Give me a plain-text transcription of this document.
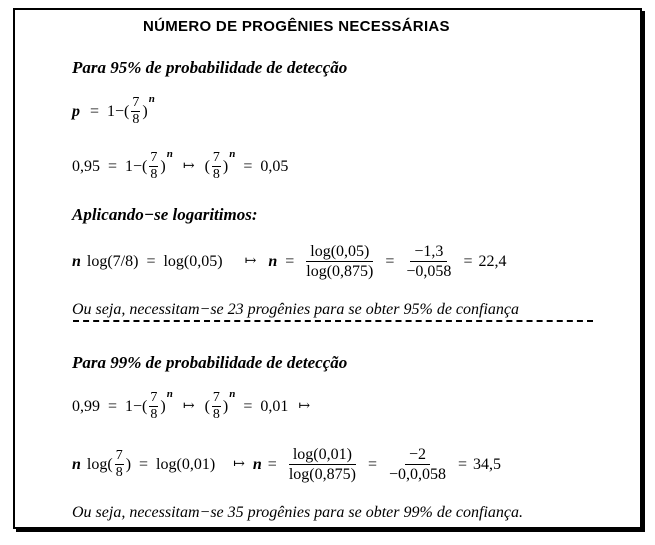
NÚMERO DE PROGÊNIES NECESSÁRIAS
Para 95% de probabilidade de detecção
$p = 1-( \frac{7}{8}$ )
n
$0,95 = 1-( \frac{7}{8}$ )
n
↦ ( $\frac{7}{8}$ )
n
= 0,05
Aplicando−se logaritimos:
n log(7/8) = log(0,05) ↦ $n = \frac{\log(0,05)}{\log(0,875)} = \frac{-1,3}{-0,058} = 22,4$
Ou seja, necessitam−se 23 progênies para se obter 95% de confiança
Para 99% de probabilidade de detecção
$0,99 = 1-( \frac{7}{8}$ )
n
↦ ( $\frac{7}{8}$ )
n
= 0,01 ↦
n $\log( \frac{7}{8}$ ) = log(0,01) ↦ $n = \frac{\log(0,01)}{\log(0,875)} = \frac{-2}{-0,0,058} = 34,5$
Ou seja, necessitam−se 35 progênies para se obter 99% de confiança.
